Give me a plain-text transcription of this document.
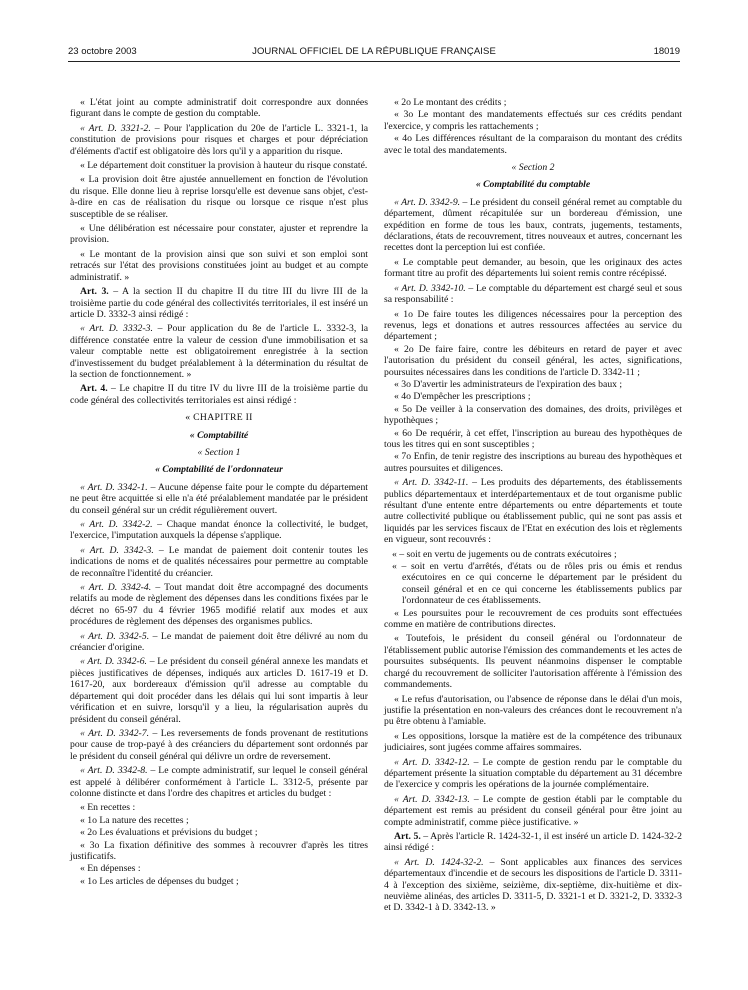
23 octobre 2003	JOURNAL OFFICIEL DE LA RÉPUBLIQUE FRANÇAISE	18019

« L'état joint au compte administratif doit correspondre aux données figurant dans le compte de gestion du comptable.

« Art. D. 3321-2. – Pour l'application du 20e de l'article L. 3321-1, la constitution de provisions pour risques et charges et pour dépréciation d'éléments d'actif est obligatoire dès lors qu'il y a apparition du risque.

« Le département doit constituer la provision à hauteur du risque constaté.

« La provision doit être ajustée annuellement en fonction de l'évolution du risque. Elle donne lieu à reprise lorsqu'elle est devenue sans objet, c'est-à-dire en cas de réalisation du risque ou lorsque ce risque n'est plus susceptible de se réaliser.

« Une délibération est nécessaire pour constater, ajuster et reprendre la provision.

« Le montant de la provision ainsi que son suivi et son emploi sont retracés sur l'état des provisions constituées joint au budget et au compte administratif. »

Art. 3. – A la section II du chapitre II du titre III du livre III de la troisième partie du code général des collectivités territoriales, il est inséré un article D. 3332-3 ainsi rédigé :

« Art. D. 3332-3. – Pour application du 8e de l'article L. 3332-3, la différence constatée entre la valeur de cession d'une immobilisation et sa valeur comptable nette est obligatoirement enregistrée à la section d'investissement du budget préalablement à la détermination du résultat de la section de fonctionnement. »

Art. 4. – Le chapitre II du titre IV du livre III de la troisième partie du code général des collectivités territoriales est ainsi rédigé :

« CHAPITRE II

« Comptabilité

« Section 1

« Comptabilité de l'ordonnateur

« Art. D. 3342-1. – Aucune dépense faite pour le compte du département ne peut être acquittée si elle n'a été préalablement mandatée par le président du conseil général sur un crédit régulièrement ouvert.

« Art. D. 3342-2. – Chaque mandat énonce la collectivité, le budget, l'exercice, l'imputation auxquels la dépense s'applique.

« Art. D. 3342-3. – Le mandat de paiement doit contenir toutes les indications de noms et de qualités nécessaires pour permettre au comptable de reconnaître l'identité du créancier.

« Art. D. 3342-4. – Tout mandat doit être accompagné des documents relatifs au mode de règlement des dépenses dans les conditions fixées par le décret no 65-97 du 4 février 1965 modifié relatif aux modes et aux procédures de règlement des dépenses des organismes publics.

« Art. D. 3342-5. – Le mandat de paiement doit être délivré au nom du créancier d'origine.

« Art. D. 3342-6. – Le président du conseil général annexe les mandats et pièces justificatives de dépenses, indiqués aux articles D. 1617-19 et D. 1617-20, aux bordereaux d'émission qu'il adresse au comptable du département qui doit procéder dans les délais qui lui sont impartis à leur vérification et en suivre, lorsqu'il y a lieu, la régularisation auprès du président du conseil général.

« Art. D. 3342-7. – Les reversements de fonds provenant de restitutions pour cause de trop-payé à des créanciers du département sont ordonnés par le président du conseil général qui délivre un ordre de reversement.

« Art. D. 3342-8. – Le compte administratif, sur lequel le conseil général est appelé à délibérer conformément à l'article L. 3312-5, présente par colonne distincte et dans l'ordre des chapitres et articles du budget :

« En recettes :

« 1o La nature des recettes ;

« 2o Les évaluations et prévisions du budget ;

« 3o La fixation définitive des sommes à recouvrer d'après les titres justificatifs.

« En dépenses :

« 1o Les articles de dépenses du budget ;

« 2o Le montant des crédits ;

« 3o Le montant des mandatements effectués sur ces crédits pendant l'exercice, y compris les rattachements ;

« 4o Les différences résultant de la comparaison du montant des crédits avec le total des mandatements.

« Section 2

« Comptabilité du comptable

« Art. D. 3342-9. – Le président du conseil général remet au comptable du département, dûment récapitulée sur un bordereau d'émission, une expédition en forme de tous les baux, contrats, jugements, testaments, déclarations, états de recouvrement, titres nouveaux et autres, concernant les recettes dont la perception lui est confiée.

« Le comptable peut demander, au besoin, que les originaux des actes formant titre au profit des départements lui soient remis contre récépissé.

« Art. D. 3342-10. – Le comptable du département est chargé seul et sous sa responsabilité :

« 1o De faire toutes les diligences nécessaires pour la perception des revenus, legs et donations et autres ressources affectées au service du département ;

« 2o De faire faire, contre les débiteurs en retard de payer et avec l'autorisation du président du conseil général, les actes, significations, poursuites nécessaires dans les conditions de l'article D. 3342-11 ;

« 3o D'avertir les administrateurs de l'expiration des baux ;

« 4o D'empêcher les prescriptions ;

« 5o De veiller à la conservation des domaines, des droits, privilèges et hypothèques ;

« 6o De requérir, à cet effet, l'inscription au bureau des hypothèques de tous les titres qui en sont susceptibles ;

« 7o Enfin, de tenir registre des inscriptions au bureau des hypothèques et autres poursuites et diligences.

« Art. D. 3342-11. – Les produits des départements, des établissements publics départementaux et interdépartementaux et de tout organisme public résultant d'une entente entre départements ou entre départements et toute autre collectivité publique ou établissement public, qui ne sont pas assis et liquidés par les services fiscaux de l'Etat en exécution des lois et règlements en vigueur, sont recouvrés :

« – soit en vertu de jugements ou de contrats exécutoires ;

« – soit en vertu d'arrêtés, d'états ou de rôles pris ou émis et rendus exécutoires en ce qui concerne le département par le président du conseil général et en ce qui concerne les établissements publics par l'ordonnateur de ces établissements.

« Les poursuites pour le recouvrement de ces produits sont effectuées comme en matière de contributions directes.

« Toutefois, le président du conseil général ou l'ordonnateur de l'établissement public autorise l'émission des commandements et les actes de poursuites subséquents. Ils peuvent néanmoins dispenser le comptable chargé du recouvrement de solliciter l'autorisation afférente à l'émission des commandements.

« Le refus d'autorisation, ou l'absence de réponse dans le délai d'un mois, justifie la présentation en non-valeurs des créances dont le recouvrement n'a pu être obtenu à l'amiable.

« Les oppositions, lorsque la matière est de la compétence des tribunaux judiciaires, sont jugées comme affaires sommaires.

« Art. D. 3342-12. – Le compte de gestion rendu par le comptable du département présente la situation comptable du département au 31 décembre de l'exercice y compris les opérations de la journée complémentaire.

« Art. D. 3342-13. – Le compte de gestion établi par le comptable du département est remis au président du conseil général pour être joint au compte administratif, comme pièce justificative. »

Art. 5. – Après l'article R. 1424-32-1, il est inséré un article D. 1424-32-2 ainsi rédigé :

« Art. D. 1424-32-2. – Sont applicables aux finances des services départementaux d'incendie et de secours les dispositions de l'article D. 3311-4 à l'exception des sixième, seizième, dix-septième, dix-huitième et dix-neuvième alinéas, des articles D. 3311-5, D. 3321-1 et D. 3321-2, D. 3332-3 et D. 3342-1 à D. 3342-13. »
